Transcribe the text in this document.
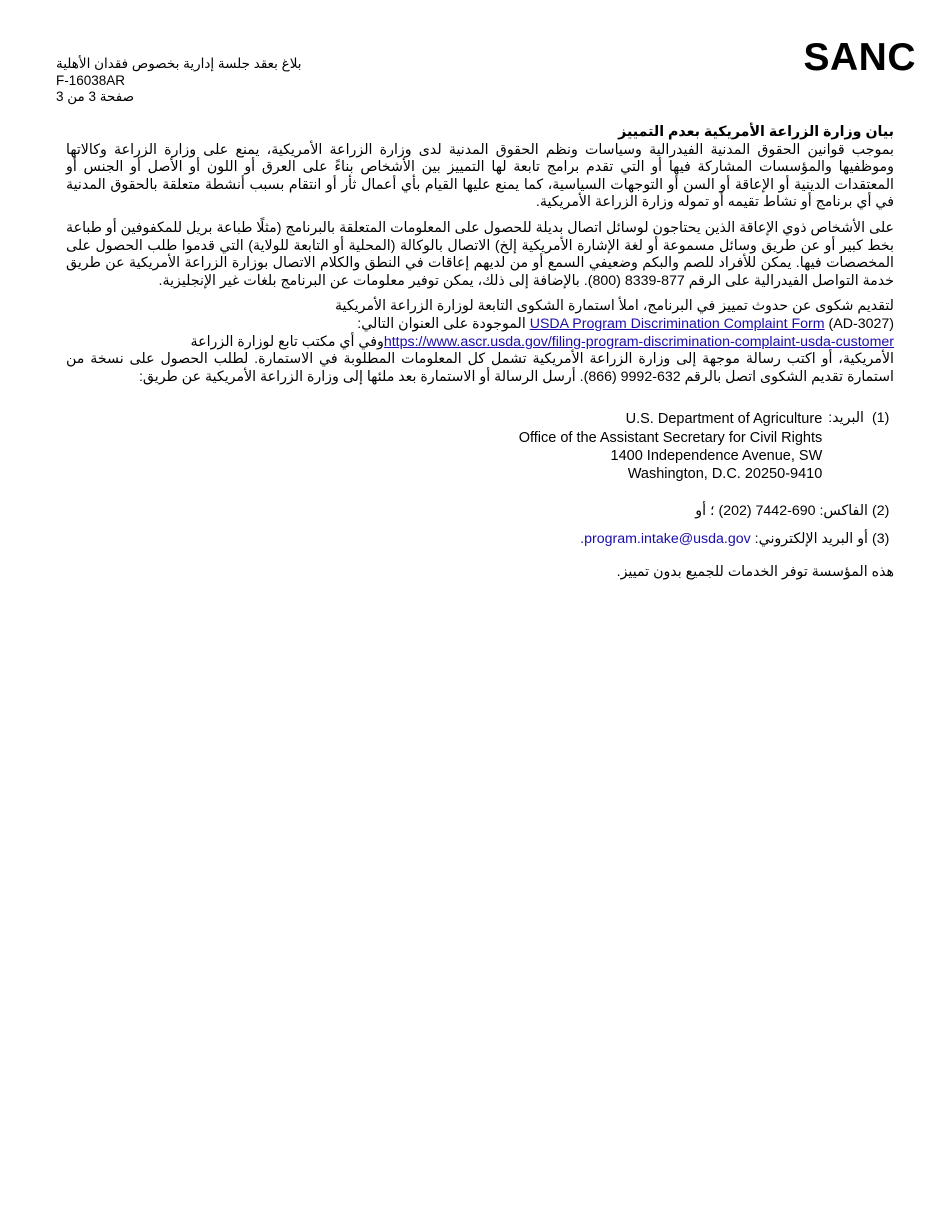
SANC
بلاغ بعقد جلسة إدارية بخصوص فقدان الأهلية
F-16038AR
صفحة 3 من 3
بيان وزارة الزراعة الأمريكية بعدم التمييز

بموجب قوانين الحقوق المدنية الفيدرالية وسياسات ونظم الحقوق المدنية لدى وزارة الزراعة الأمريكية، يمنع على وزارة الزراعة وكالاتها وموظفيها والمؤسسات المشاركة فيها أو التي تقدم برامج تابعة لها التمييز بين الأشخاص بناءً على العرق أو اللون أو الأصل أو الجنس أو المعتقدات الدينية أو الإعاقة أو السن أو التوجهات السياسية، كما يمنع عليها القيام بأي أعمال ثأر أو انتقام بسبب أنشطة متعلقة بالحقوق المدنية في أي برنامج أو نشاط تقيمه أو تموله وزارة الزراعة الأمريكية.

على الأشخاص ذوي الإعاقة الذين يحتاجون لوسائل اتصال بديلة للحصول على المعلومات المتعلقة بالبرنامج (مثلًا طباعة بريل للمكفوفين أو طباعة بخط كبير أو عن طريق وسائل مسموعة أو لغة الإشارة الأمريكية إلخ) الاتصال بالوكالة (المحلية أو التابعة للولاية) التي قدموا طلب الحصول على المخصصات فيها. يمكن للأفراد للصم والبكم وضعيفي السمع أو من لديهم إعاقات في النطق والكلام الاتصال بوزارة الزراعة الأمريكية عن طريق خدمة التواصل الفيدرالية على الرقم 877-8339 (800). بالإضافة إلى ذلك، يمكن توفير معلومات عن البرنامج بلغات غير الإنجليزية.

لتقديم شكوى عن حدوث تمييز في البرنامج، املأ استمارة الشكوى التابعة لوزارة الزراعة الأمريكية
USDA Program Discrimination Complaint Form (AD-3027) الموجودة على العنوان التالي:
https://www.ascr.usda.gov/filing-program-discrimination-complaint-usda-customerوفي أي مكتب تابع لوزارة الزراعة
الأمريكية، أو اكتب رسالة موجهة إلى وزارة الزراعة الأمريكية تشمل كل المعلومات المطلوبة في الاستمارة. لطلب الحصول على نسخة من استمارة تقديم الشكوى اتصل بالرقم 632-9992 (866). أرسل الرسالة أو الاستمارة بعد ملئها إلى وزارة الزراعة الأمريكية عن طريق:
(1)
البريد:
U.S. Department of Agriculture
Office of the Assistant Secretary for Civil Rights
1400 Independence Avenue, SW
Washington, D.C. 20250-9410
(2)
الفاكس: 690-7442 (202) ؛ أو
(3)
أو البريد الإلكتروني:

program.intake@usda.gov
.
هذه المؤسسة توفر الخدمات للجميع بدون تمييز.
